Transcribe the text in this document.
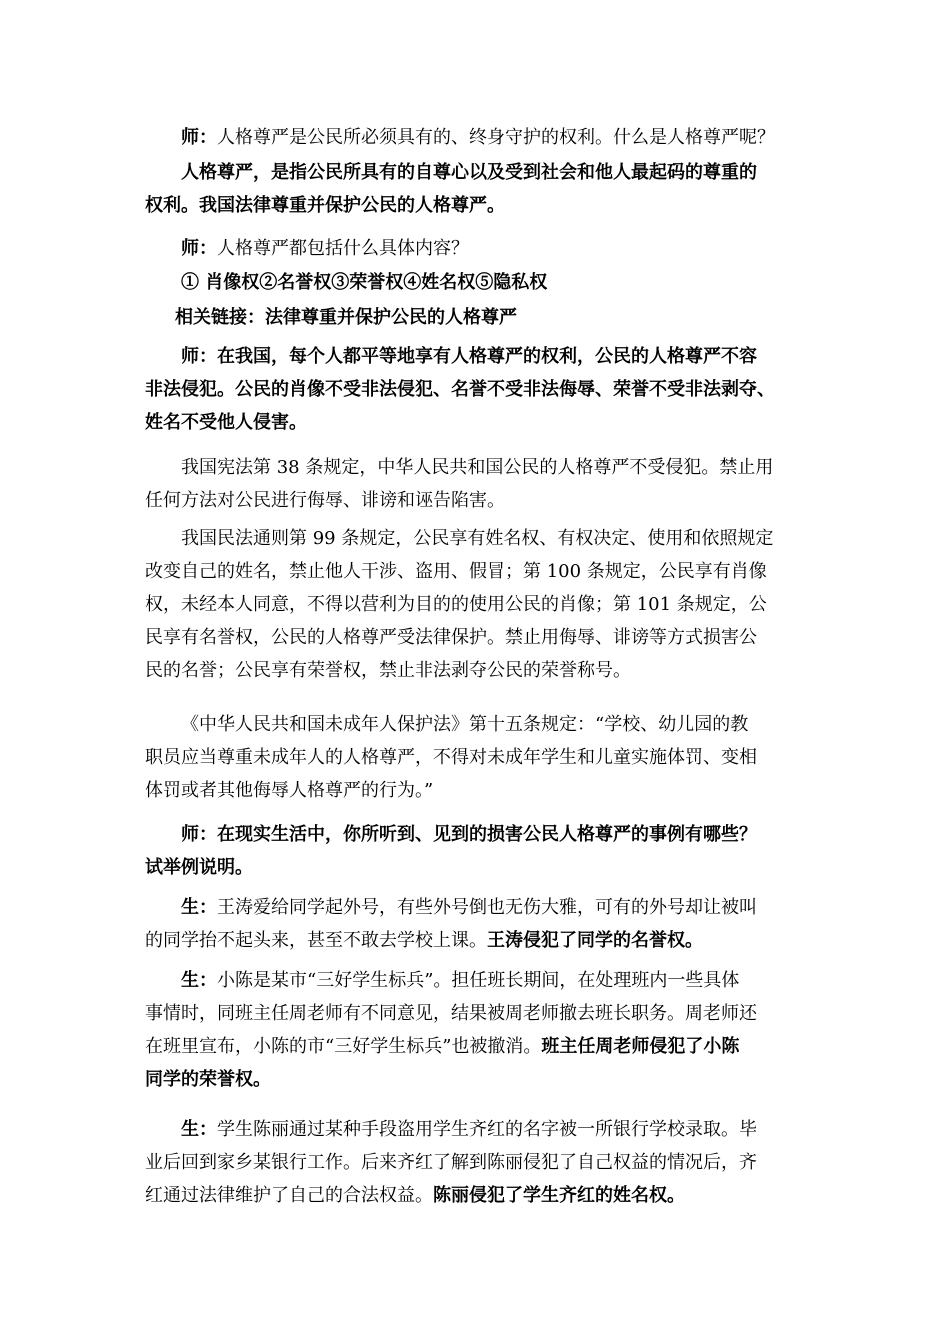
师：人格尊严是公民所必须具有的、终身守护的权利。什么是人格尊严呢？

人格尊严，是指公民所具有的自尊心以及受到社会和他人最起码的尊重的
权利。我国法律尊重并保护公民的人格尊严。

师：人格尊严都包括什么具体内容？

① 肖像权②名誉权③荣誉权④姓名权⑤隐私权

相关链接：法律尊重并保护公民的人格尊严

师：在我国，每个人都平等地享有人格尊严的权利，公民的人格尊严不容
非法侵犯。公民的肖像不受非法侵犯、名誉不受非法侮辱、荣誉不受非法剥夺、
姓名不受他人侵害。

我国宪法第 38 条规定，中华人民共和国公民的人格尊严不受侵犯。禁止用
任何方法对公民进行侮辱、诽谤和诬告陷害。

我国民法通则第 99 条规定，公民享有姓名权、有权决定、使用和依照规定
改变自己的姓名，禁止他人干涉、盗用、假冒；第 100 条规定，公民享有肖像
权，未经本人同意，不得以营利为目的的使用公民的肖像；第 101 条规定，公
民享有名誉权，公民的人格尊严受法律保护。禁止用侮辱、诽谤等方式损害公
民的名誉；公民享有荣誉权，禁止非法剥夺公民的荣誉称号。

《中华人民共和国未成年人保护法》第十五条规定：“学校、幼儿园的教
职员应当尊重未成年人的人格尊严，不得对未成年学生和儿童实施体罚、变相
体罚或者其他侮辱人格尊严的行为。”

师：在现实生活中，你所听到、见到的损害公民人格尊严的事例有哪些？
试举例说明。

生：王涛爱给同学起外号，有些外号倒也无伤大雅，可有的外号却让被叫
的同学抬不起头来，甚至不敢去学校上课。王涛侵犯了同学的名誉权。

生：小陈是某市“三好学生标兵”。担任班长期间，在处理班内一些具体
事情时，同班主任周老师有不同意见，结果被周老师撤去班长职务。周老师还
在班里宣布，小陈的市“三好学生标兵”也被撤消。班主任周老师侵犯了小陈
同学的荣誉权。

生：学生陈丽通过某种手段盗用学生齐红的名字被一所银行学校录取。毕
业后回到家乡某银行工作。后来齐红了解到陈丽侵犯了自己权益的情况后，齐
红通过法律维护了自己的合法权益。陈丽侵犯了学生齐红的姓名权。
